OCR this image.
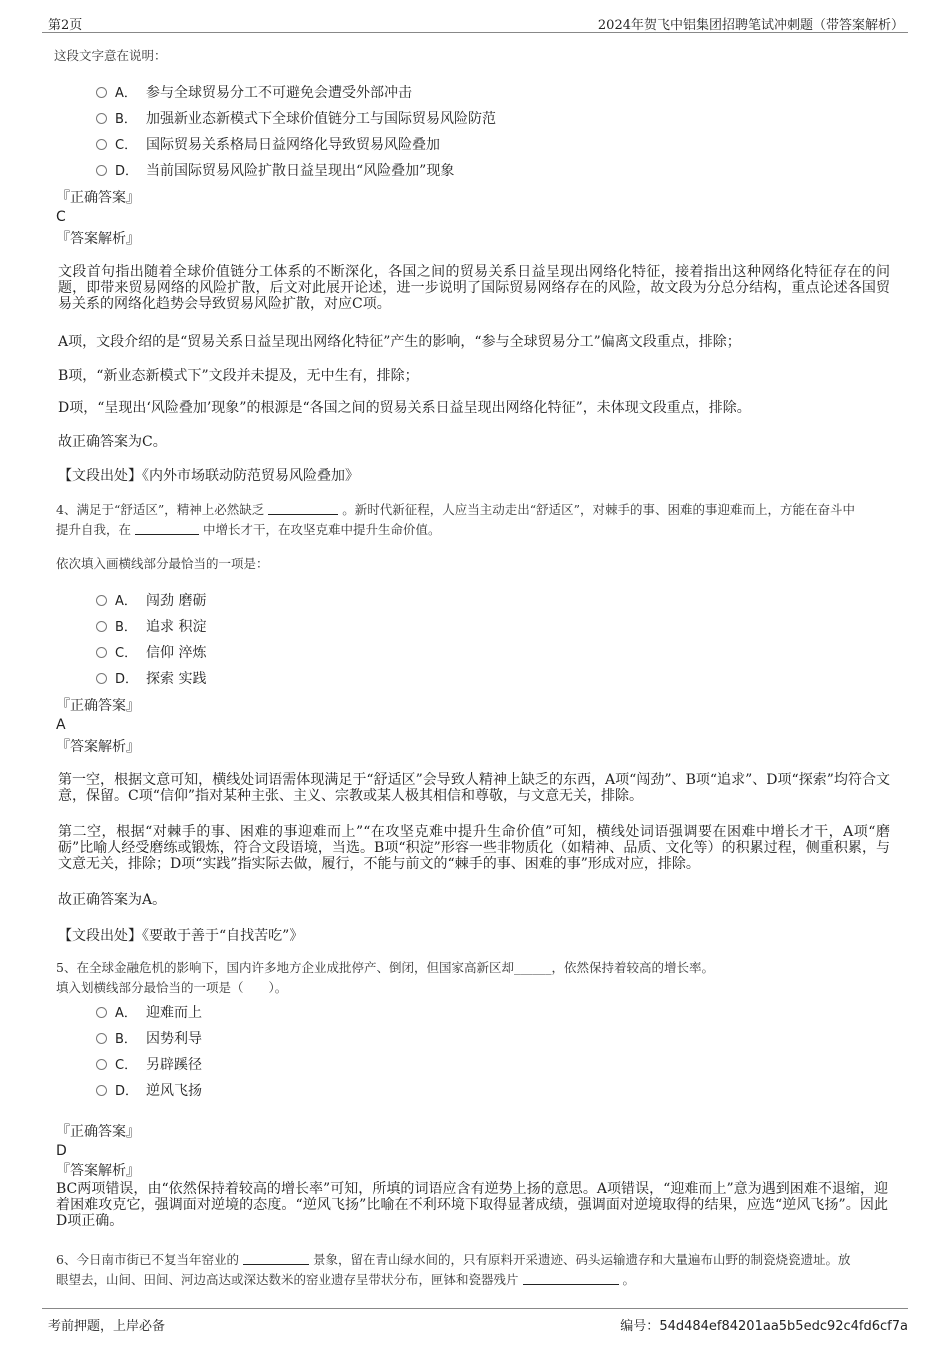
第2页	2024年贺飞中铝集团招聘笔试冲刺题（带答案解析）
这段文字意在说明：
A． 参与全球贸易分工不可避免会遭受外部冲击
B． 加强新业态新模式下全球价值链分工与国际贸易风险防范
C． 国际贸易关系格局日益网络化导致贸易风险叠加
D． 当前国际贸易风险扩散日益呈现出“风险叠加”现象
『正确答案』
C
『答案解析』
文段首句指出随着全球价值链分工体系的不断深化，各国之间的贸易关系日益呈现出网络化特征，接着指出这种网络化特征存在的问题，即带来贸易网络的风险扩散，后文对此展开论述，进一步说明了国际贸易网络存在的风险，故文段为分总分结构，重点论述各国贸易关系的网络化趋势会导致贸易风险扩散，对应C项。
A项，文段介绍的是“贸易关系日益呈现出网络化特征”产生的影响，“参与全球贸易分工”偏离文段重点，排除；
B项，“新业态新模式下”文段并未提及，无中生有，排除；
D项，“呈现出‘风险叠加’现象”的根源是“各国之间的贸易关系日益呈现出网络化特征”，未体现文段重点，排除。
故正确答案为C。
【文段出处】《内外市场联动防范贸易风险叠加》
4、满足于“舒适区”，精神上必然缺乏	。新时代新征程，人应当主动走出“舒适区”，对棘手的事、困难的事迎难而上，方能在奋斗中
提升自我，在	中增长才干，在攻坚克难中提升生命价值。
依次填入画横线部分最恰当的一项是：
A． 闯劲 磨砺
B． 追求 积淀
C． 信仰 淬炼
D． 探索 实践
『正确答案』
A
『答案解析』
第一空，根据文意可知，横线处词语需体现满足于“舒适区”会导致人精神上缺乏的东西，A项“闯劲”、B项“追求”、D项“探索”均符合文意，保留。C项“信仰”指对某种主张、主义、宗教或某人极其相信和尊敬，与文意无关，排除。
第二空，根据“对棘手的事、困难的事迎难而上”“在攻坚克难中提升生命价值”可知，横线处词语强调要在困难中增长才干，A项“磨砺”比喻人经受磨练或锻炼，符合文段语境，当选。B项“积淀”形容一些非物质化（如精神、品质、文化等）的积累过程，侧重积累，与文意无关，排除；D项“实践”指实际去做，履行，不能与前文的“棘手的事、困难的事”形成对应，排除。
故正确答案为A。
【文段出处】《要敢于善于“自找苦吃”》
5、在全球金融危机的影响下，国内许多地方企业成批停产、倒闭，但国家高新区却______，依然保持着较高的增长率。
填入划横线部分最恰当的一项是（　　）。
A． 迎难而上
B． 因势利导
C． 另辟蹊径
D． 逆风飞扬
『正确答案』
D
『答案解析』
BC两项错误，由“依然保持着较高的增长率”可知，所填的词语应含有逆势上扬的意思。A项错误，“迎难而上”意为遇到困难不退缩，迎着困难攻克它，强调面对逆境的态度。“逆风飞扬”比喻在不利环境下取得显著成绩，强调面对逆境取得的结果，应选“逆风飞扬”。因此D项正确。
6、今日南市街已不复当年窑业的	景象，留在青山绿水间的，只有原料开采遗迹、码头运输遗存和大量遍布山野的制瓷烧瓷遗址。放
眼望去，山间、田间、河边高达或深达数米的窑业遗存呈带状分布，匣钵和瓷器残片	。
考前押题，上岸必备	编号：54d484ef84201aa5b5edc92c4fd6cf7a
